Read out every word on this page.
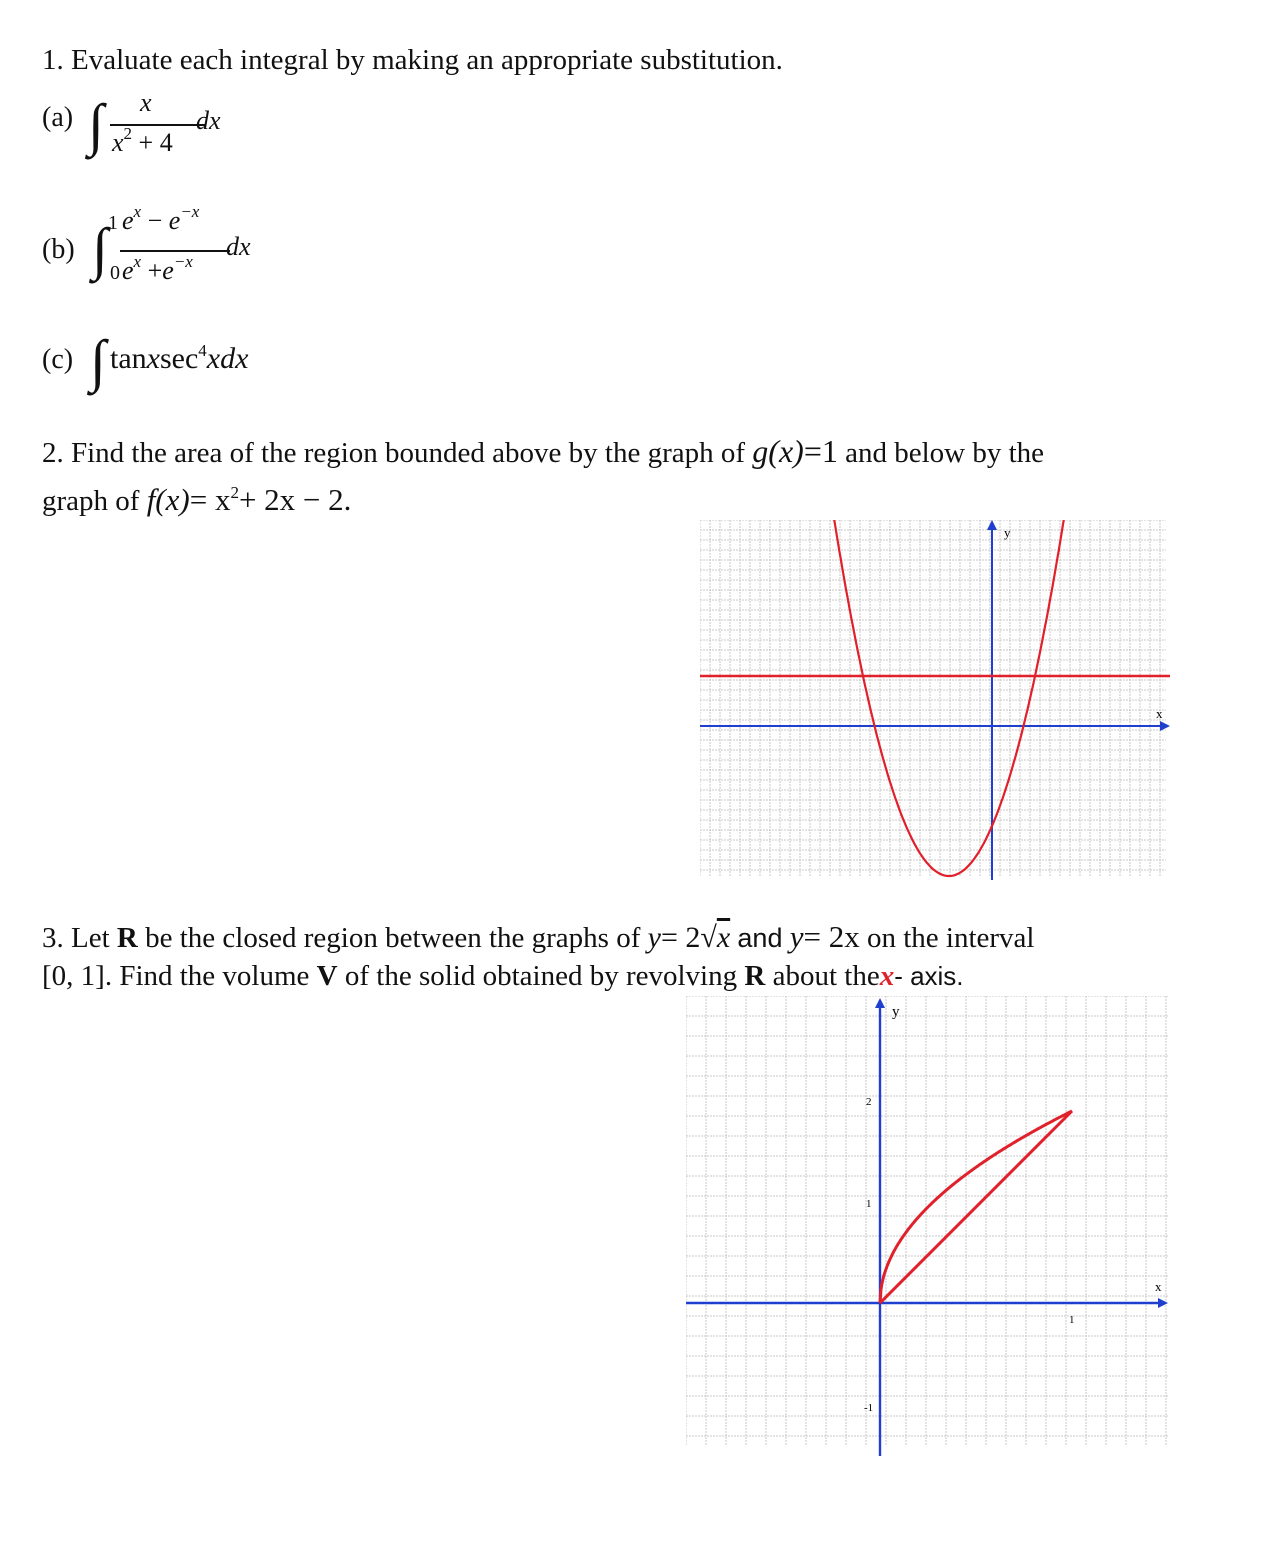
1. Evaluate each integral by making an appropriate substitution.
(a) ∫ x
$x^2 + 4$
dx
(b) ∫ 1
0
$e^x - e^{-x}$
$e^x +e^{-x}$
dx
(c) ∫ tanxsec$^4$xdx
2. Find the area of the region bounded above by the graph of g(x)=1 and below by the
graph of $f(x)= x^2+ 2x - 2$.
y
x
3. Let R be the closed region between the graphs of y= 2√x and y= 2x on the interval
[0, 1]. Find the volume V of the solid obtained by revolving R about thex- axis.
y
x
2
1
-1
1
